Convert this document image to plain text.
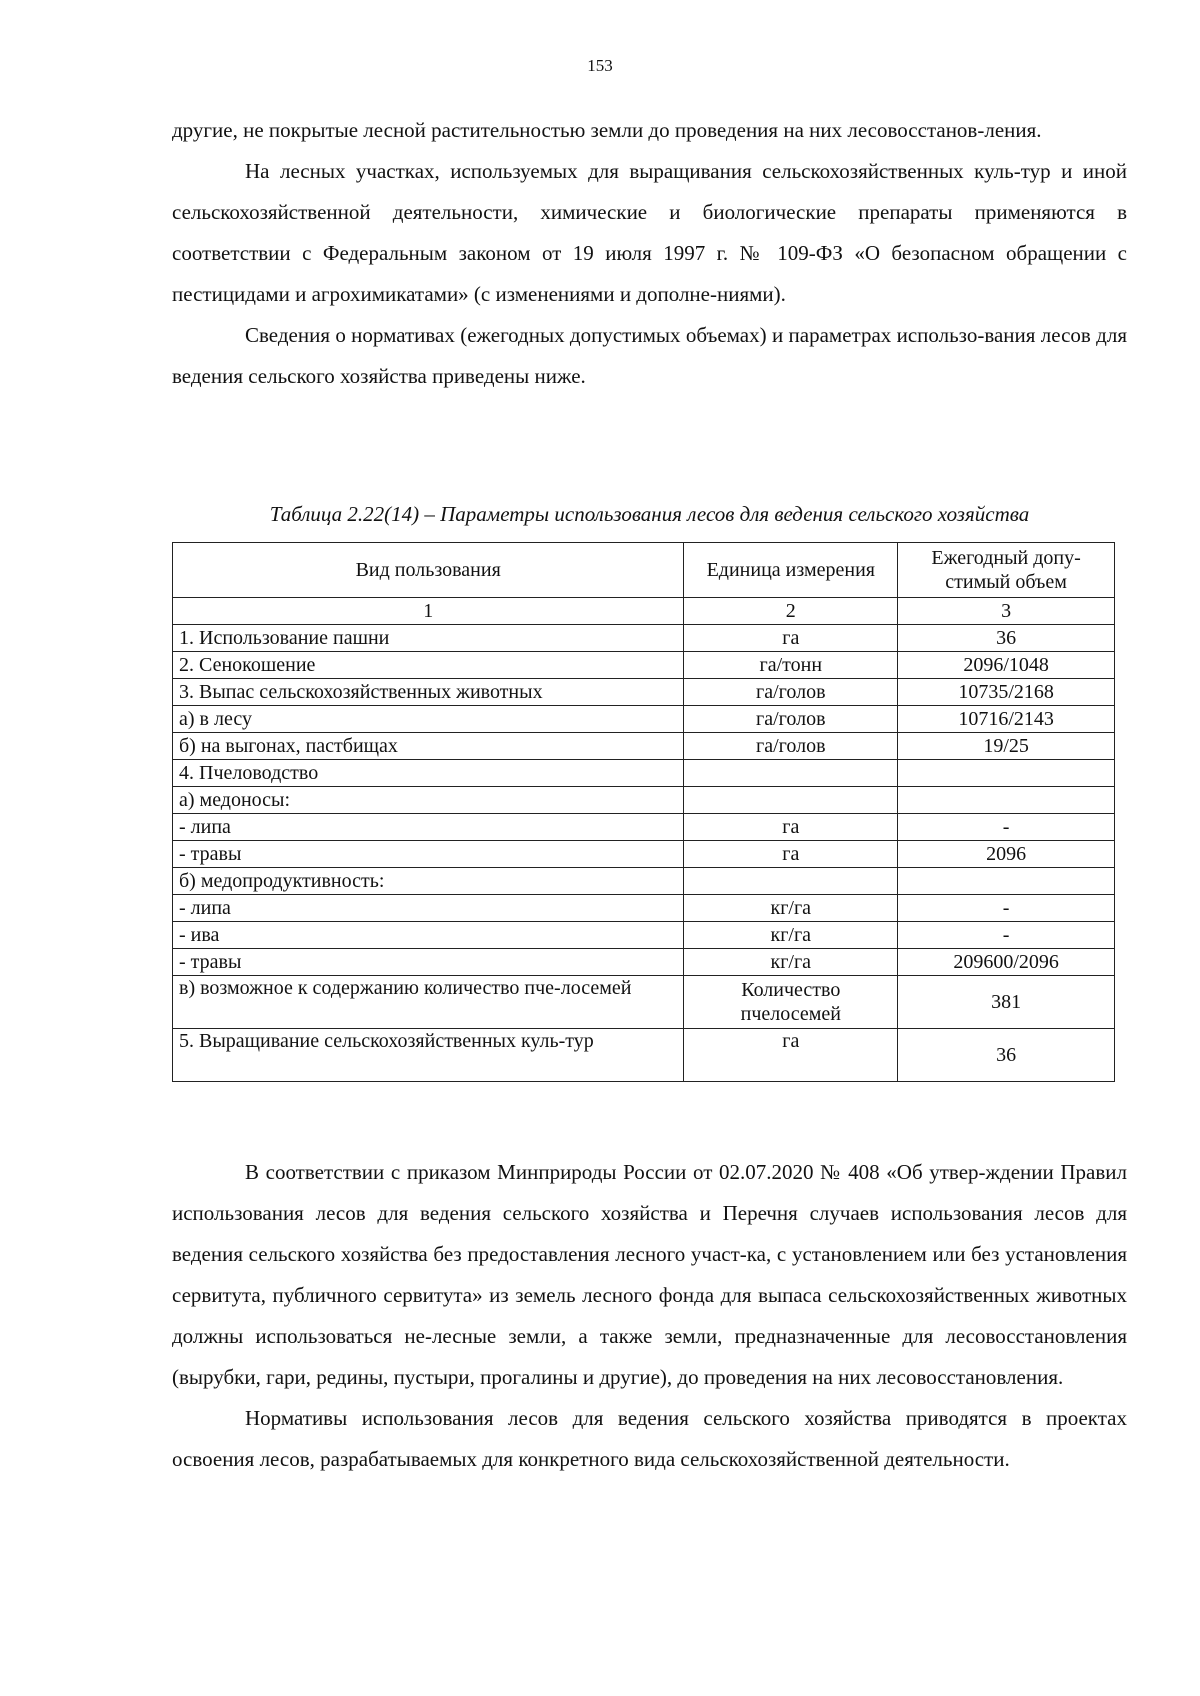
153

другие, не покрытые лесной растительностью земли до проведения на них лесовосстанов-ления.

На лесных участках, используемых для выращивания сельскохозяйственных куль-тур и иной сельскохозяйственной деятельности, химические и биологические препараты применяются в соответствии с Федеральным законом от 19 июля 1997 г. № 109-ФЗ «О безопасном обращении с пестицидами и агрохимикатами» (с изменениями и дополне-ниями).

Сведения о нормативах (ежегодных допустимых объемах) и параметрах использо-вания лесов для ведения сельского хозяйства приведены ниже.

Таблица 2.22(14) – Параметры использования лесов для ведения сельского хозяйства
Вид пользования	Единица измерения	Ежегодный допу-стимый объем
1	2	3
1. Использование пашни	га	36
2. Сенокошение	га/тонн	2096/1048
3. Выпас сельскохозяйственных животных	га/голов	10735/2168
а) в лесу	га/голов	10716/2143
б) на выгонах, пастбищах	га/голов	19/25
4. Пчеловодство		
а) медоносы:		
- липа	га	-
- травы	га	2096
б) медопродуктивность:		
- липа	кг/га	-
- ива	кг/га	-
- травы	кг/га	209600/2096
в) возможное к содержанию количество пче-лосемей	Количество пчелосемей	381
5. Выращивание сельскохозяйственных куль-тур	га	36

В соответствии с приказом Минприроды России от 02.07.2020 № 408 «Об утвер-ждении Правил использования лесов для ведения сельского хозяйства и Перечня случаев использования лесов для ведения сельского хозяйства без предоставления лесного участ-ка, с установлением или без установления сервитута, публичного сервитута» из земель лесного фонда для выпаса сельскохозяйственных животных должны использоваться не-лесные земли, а также земли, предназначенные для лесовосстановления (вырубки, гари, редины, пустыри, прогалины и другие), до проведения на них лесовосстановления.

Нормативы использования лесов для ведения сельского хозяйства приводятся в проектах освоения лесов, разрабатываемых для конкретного вида сельскохозяйственной деятельности.
